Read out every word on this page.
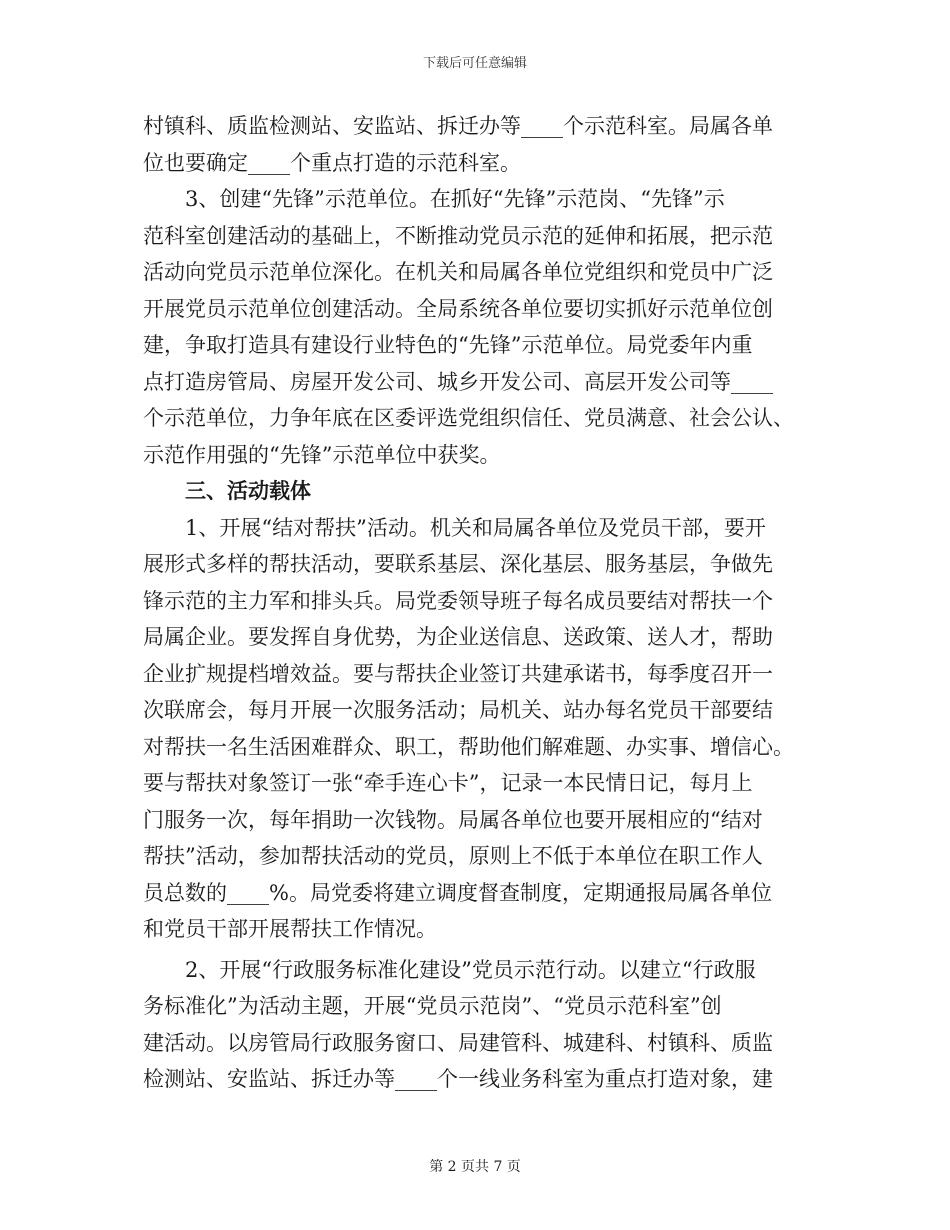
下载后可任意编辑
村镇科、质监检测站、安监站、拆迁办等____个示范科室。局属各单
位也要确定____个重点打造的示范科室。
3、创建“先锋”示范单位。在抓好“先锋”示范岗、“先锋”示
范科室创建活动的基础上，不断推动党员示范的延伸和拓展，把示范
活动向党员示范单位深化。在机关和局属各单位党组织和党员中广泛
开展党员示范单位创建活动。全局系统各单位要切实抓好示范单位创
建，争取打造具有建设行业特色的“先锋”示范单位。局党委年内重
点打造房管局、房屋开发公司、城乡开发公司、高层开发公司等____
个示范单位，力争年底在区委评选党组织信任、党员满意、社会公认、
示范作用强的“先锋”示范单位中获奖。
三、活动载体
1、开展“结对帮扶”活动。机关和局属各单位及党员干部，要开
展形式多样的帮扶活动，要联系基层、深化基层、服务基层，争做先
锋示范的主力军和排头兵。局党委领导班子每名成员要结对帮扶一个
局属企业。要发挥自身优势，为企业送信息、送政策、送人才，帮助
企业扩规提档增效益。要与帮扶企业签订共建承诺书，每季度召开一
次联席会，每月开展一次服务活动；局机关、站办每名党员干部要结
对帮扶一名生活困难群众、职工，帮助他们解难题、办实事、增信心。
要与帮扶对象签订一张“牵手连心卡”，记录一本民情日记，每月上
门服务一次，每年捐助一次钱物。局属各单位也要开展相应的“结对
帮扶”活动，参加帮扶活动的党员，原则上不低于本单位在职工作人
员总数的____%。局党委将建立调度督查制度，定期通报局属各单位
和党员干部开展帮扶工作情况。
2、开展“行政服务标准化建设”党员示范行动。以建立“行政服
务标准化”为活动主题，开展“党员示范岗”、“党员示范科室”创
建活动。以房管局行政服务窗口、局建管科、城建科、村镇科、质监
检测站、安监站、拆迁办等____个一线业务科室为重点打造对象，建
第 2 页共 7 页
